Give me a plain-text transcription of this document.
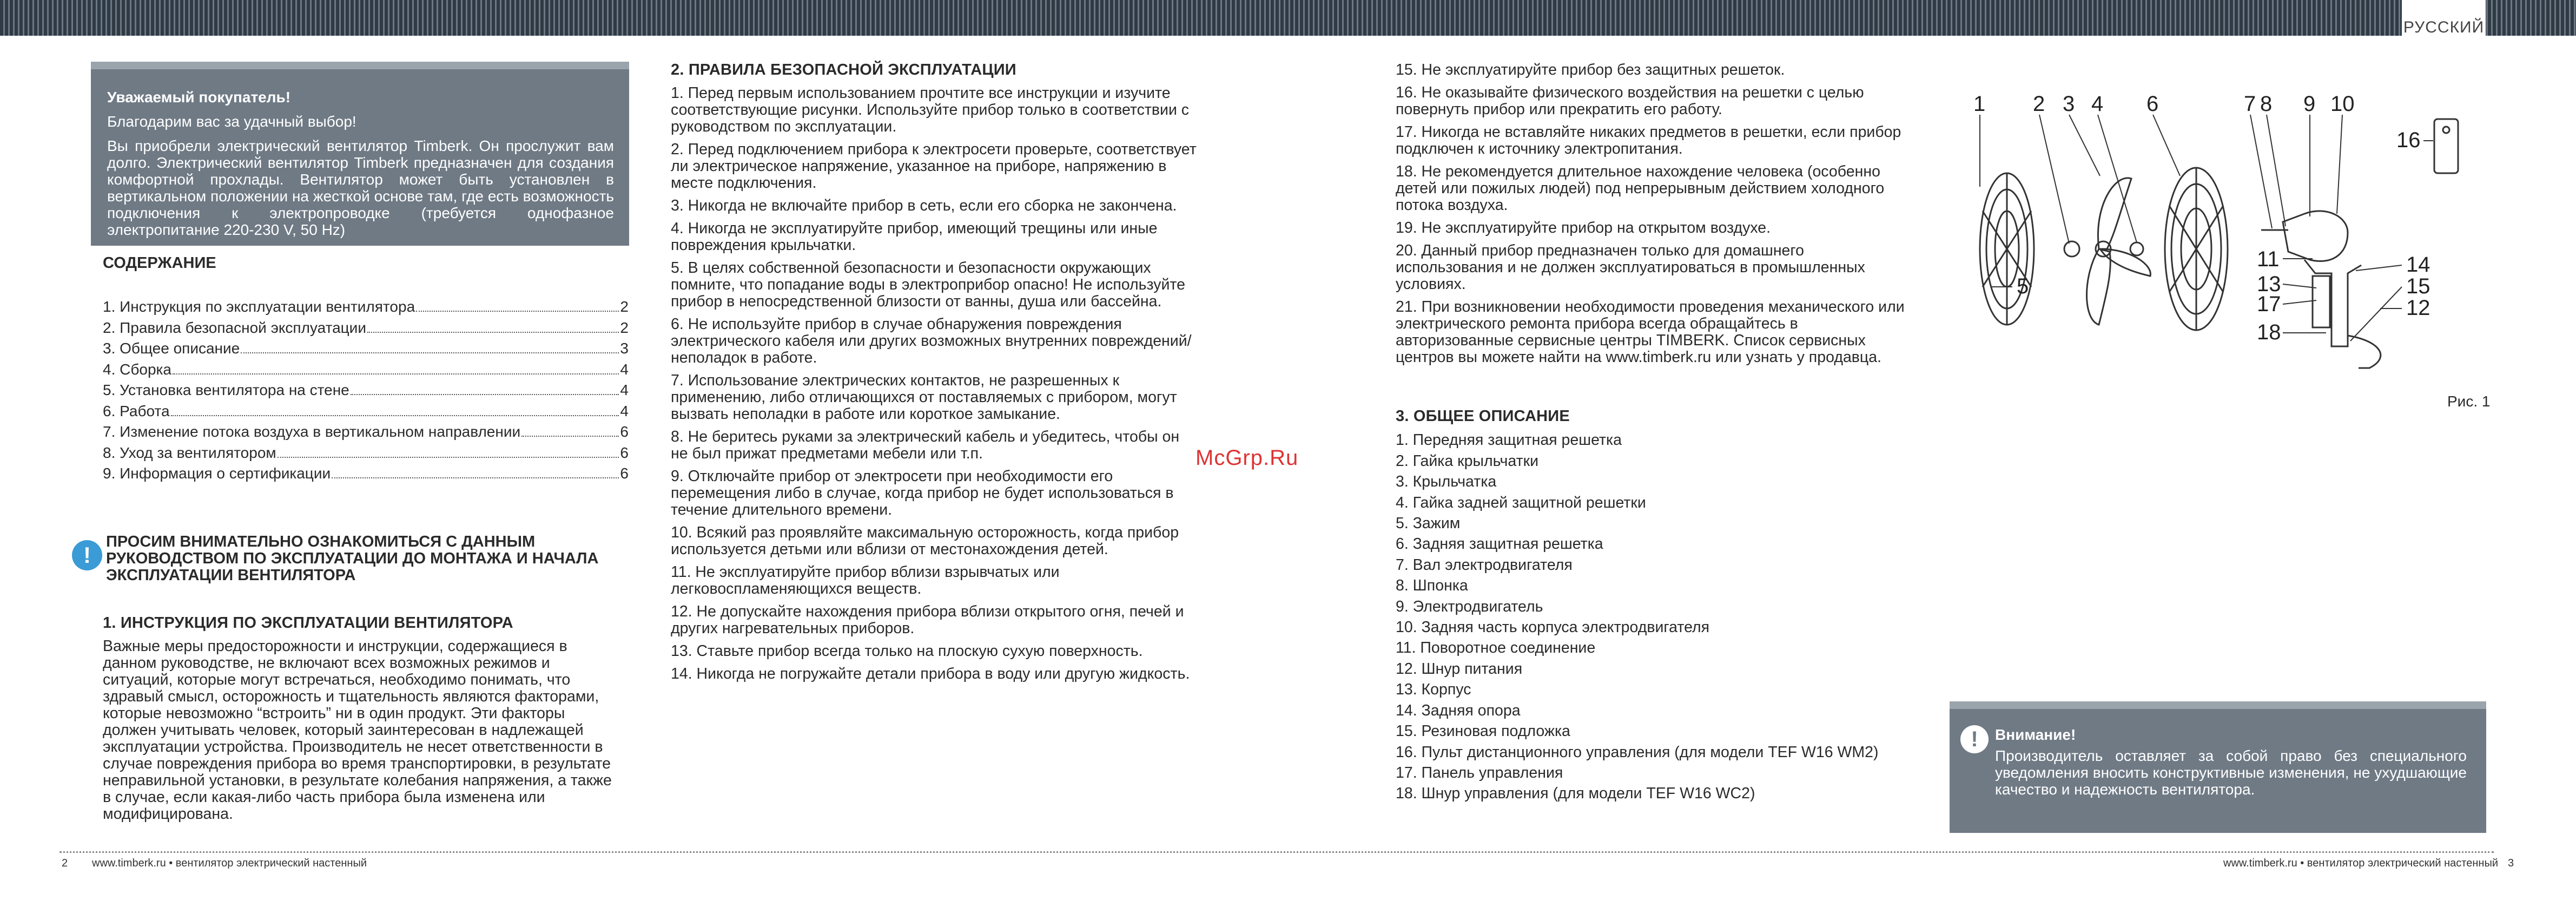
РУССКИЙ
Уважаемый покупатель!
Благодарим вас за удачный выбор!
Вы приобрели электрический вентилятор Timberk. Он прослужит вам долго. Электрический вентилятор Timberk предназначен для создания комфортной прохлады. Вентилятор может быть установлен в вертикальном положении на жесткой основе там, где есть возможность подключения к электропроводке (требуется однофазное электропитание 220-230 V, 50 Hz)
СОДЕРЖАНИЕ
1. Инструкция по эксплуатации вентилятора	2
2. Правила безопасной эксплуатации	2
3. Общее описание	3
4. Сборка	4
5. Установка вентилятора на стене	4
6. Работа	4
7. Изменение потока воздуха в вертикальном направлении	6
8. Уход за вентилятором	6
9. Информация о сертификации	6
!
ПРОСИМ ВНИМАТЕЛЬНО ОЗНАКОМИТЬСЯ С ДАННЫМ РУКОВОДСТВОМ ПО ЭКСПЛУАТАЦИИ ДО МОНТАЖА И НАЧАЛА ЭКСПЛУАТАЦИИ ВЕНТИЛЯТОРА
1. ИНСТРУКЦИЯ ПО ЭКСПЛУАТАЦИИ ВЕНТИЛЯТОРА

Важные меры предосторожности и инструкции, содержащиеся в данном руководстве, не включают всех возможных режимов и ситуаций, которые могут встречаться, необходимо понимать, что здравый смысл, осторожность и тщательность являются факторами, которые невозможно “встроить” ни в один продукт. Эти факторы должен учитывать человек, который заинтересован в надлежащей эксплуатации устройства. Производитель не несет ответственности в случае повреждения прибора во время транспортировки, в результате неправильной установки, в результате колебания напряжения, а также в случае, если какая-либо часть прибора была изменена или модифицирована.

2. ПРАВИЛА БЕЗОПАСНОЙ ЭКСПЛУАТАЦИИ

1. Перед первым использованием прочтите все инструкции и изучите соответствующие рисунки. Используйте прибор только в соответствии с руководством по эксплуатации.

2. Перед подключением прибора к электросети проверьте, соответствует ли электрическое напряжение, указанное на приборе, напряжению в месте подключения.

3. Никогда не включайте прибор в сеть, если его сборка не закончена.

4. Никогда не эксплуатируйте прибор, имеющий трещины или иные повреждения крыльчатки.

5. В целях собственной безопасности и безопасности окружающих помните, что попадание воды в электроприбор опасно! Не используйте прибор в непосредственной близости от ванны, душа или бассейна.

6. Не используйте прибор в случае обнаружения повреждения электрического кабеля или других возможных внутренних повреждений/неполадок в работе.

7. Использование электрических контактов, не разрешенных к применению, либо отличающихся от поставляемых с прибором, могут вызвать неполадки в работе или короткое замыкание.

8. Не беритесь руками за электрический кабель и убедитесь, чтобы он не был прижат предметами мебели или т.п.

9. Отключайте прибор от электросети при необходимости его перемещения либо в случае, когда прибор не будет использоваться в течение длительного времени.

10. Всякий раз проявляйте максимальную осторожность, когда прибор используется детьми или вблизи от местонахождения детей.

11. Не эксплуатируйте прибор вблизи взрывчатых или легковоспламеняющихся веществ.

12. Не допускайте нахождения прибора вблизи открытого огня, печей и других нагревательных приборов.

13. Ставьте прибор всегда только на плоскую сухую поверхность.

14. Никогда не погружайте детали прибора в воду или другую жидкость.

15. Не эксплуатируйте прибор без защитных решеток.

16. Не оказывайте физического воздействия на решетки с целью повернуть прибор или прекратить его работу.

17. Никогда не вставляйте никаких предметов в решетки, если прибор подключен к источнику электропитания.

18. Не рекомендуется длительное нахождение человека (особенно детей или пожилых людей) под непрерывным действием холодного потока воздуха.

19. Не эксплуатируйте прибор на открытом воздухе.

20. Данный прибор предназначен только для домашнего использования и не должен эксплуатироваться в промышленных условиях.

21. При возникновении необходимости проведения механического или электрического ремонта прибора всегда обращайтесь в авторизованные сервисные центры TIMBERK. Список сервисных центров вы можете найти на www.timberk.ru или узнать у продавца.

3. ОБЩЕЕ ОПИСАНИЕ
1. Передняя защитная решетка
2. Гайка крыльчатки
3. Крыльчатка
4. Гайка задней защитной решетки
5. Зажим
6. Задняя защитная решетка
7. Вал электродвигателя
8. Шпонка
9. Электродвигатель
10. Задняя часть корпуса электродвигателя
11. Поворотное соединение
12. Шнур питания
13. Корпус
14. Задняя опора
15. Резиновая подложка
16. Пульт дистанционного управления (для модели TEF W16 WM2)
17. Панель управления
18. Шнур управления (для модели TEF W16 WC2)
McGrp.Ru
1 2 3 4 6	7 8 9 10
16
11
13
17
14
15
12
18
5
Рис. 1
!	Внимание!
Производитель оставляет за собой право без специального уведомления вносить конструктивные изменения, не ухудшающие качество и надежность вентилятора.
2 www.timberk.ru • вентилятор электрический настенный	www.timberk.ru • вентилятор электрический настенный 3
